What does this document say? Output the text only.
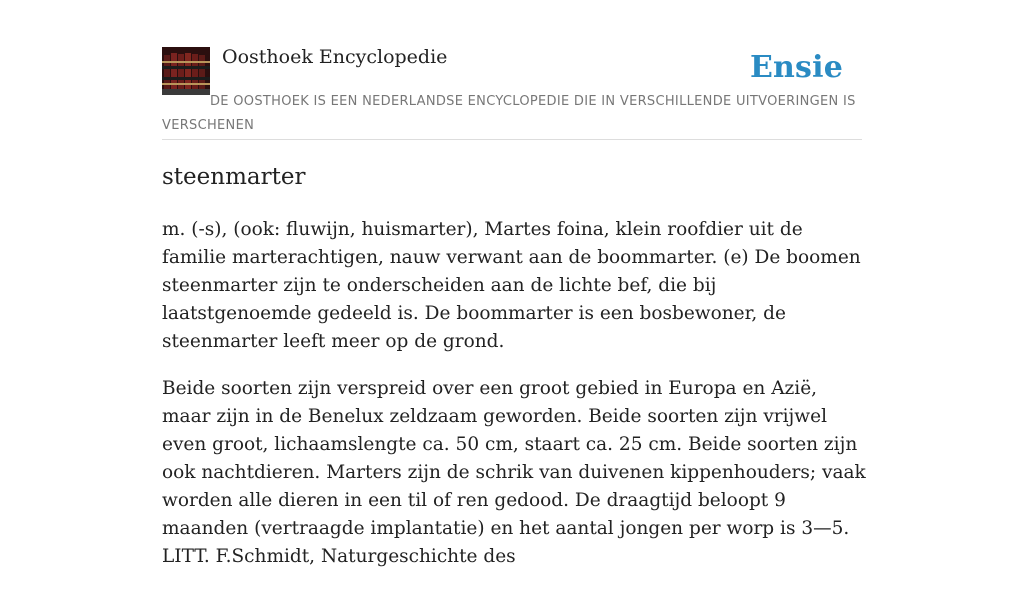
Oosthoek Encyclopedie	Ensie
DE OOSTHOEK IS EEN NEDERLANDSE ENCYCLOPEDIE DIE IN VERSCHILLENDE UITVOERINGEN IS VERSCHENEN
steenmarter

m. (-s), (ook: fluwijn, huismarter), Martes foina, klein roofdier uit de familie marterachtigen, nauw verwant aan de boommarter. (e) De boomen steenmarter zijn te onderscheiden aan de lichte bef, die bij laatstgenoemde gedeeld is. De boommarter is een bosbewoner, de steenmarter leeft meer op de grond.

Beide soorten zijn verspreid over een groot gebied in Europa en Azië, maar zijn in de Benelux zeldzaam geworden. Beide soorten zijn vrijwel even groot, lichaamslengte ca. 50 cm, staart ca. 25 cm. Beide soorten zijn ook nachtdieren. Marters zijn de schrik van duivenen kippenhouders; vaak worden alle dieren in een til of ren gedood. De draagtijd beloopt 9 maanden (vertraagde implantatie) en het aantal jongen per worp is 3—5. LITT. F.Schmidt, Naturgeschichte des
